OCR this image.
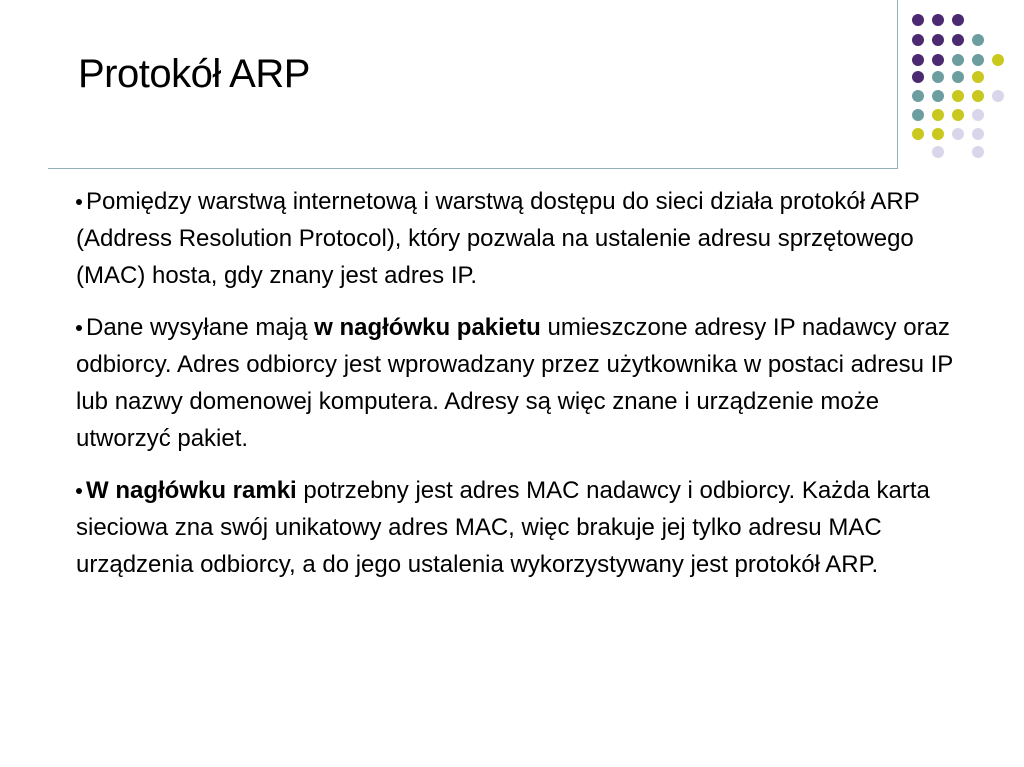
Protokół ARP

Pomiędzy warstwą internetową i warstwą dostępu do sieci działa protokół ARP (Address Resolution Protocol), który pozwala na ustalenie adresu sprzętowego (MAC) hosta, gdy znany jest adres IP.

Dane wysyłane mają w nagłówku pakietu umieszczone adresy IP nadawcy oraz odbiorcy. Adres odbiorcy jest wprowadzany przez użytkownika w postaci adresu IP lub nazwy domenowej komputera. Adresy są więc znane i urządzenie może utworzyć pakiet.

W nagłówku ramki potrzebny jest adres MAC nadawcy i odbiorcy. Każda karta sieciowa zna swój unikatowy adres MAC, więc brakuje jej tylko adresu MAC urządzenia odbiorcy, a do jego ustalenia wykorzystywany jest protokół ARP.
